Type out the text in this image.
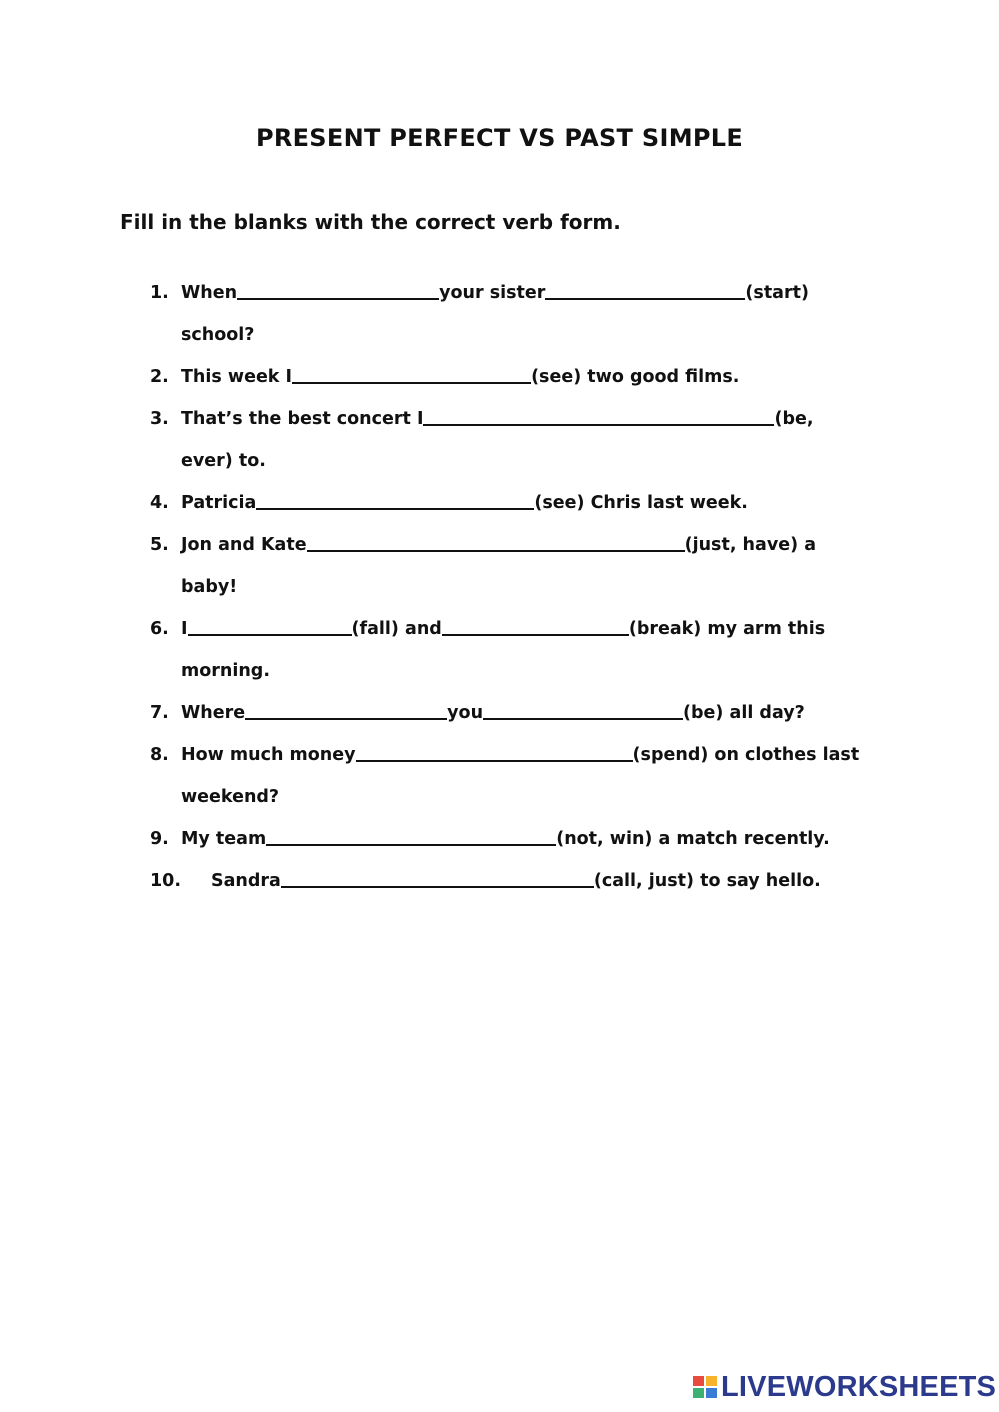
PRESENT PERFECT VS PAST SIMPLE
Fill in the blanks with the correct verb form.
1. When	your sister	(start)
school?
2. This week I	(see) two good films.
3. That’s the best concert I	(be,
ever) to.
4. Patricia	(see) Chris last week.
5. Jon and Kate	(just, have) a
baby!
6. I	(fall) and	(break) my arm this
morning.
7. Where	you	(be) all day?
8. How much money	(spend) on clothes last
weekend?
9. My team	(not, win) a match recently.
10. Sandra	(call, just) to say hello.
LIVEWORKSHEETS
